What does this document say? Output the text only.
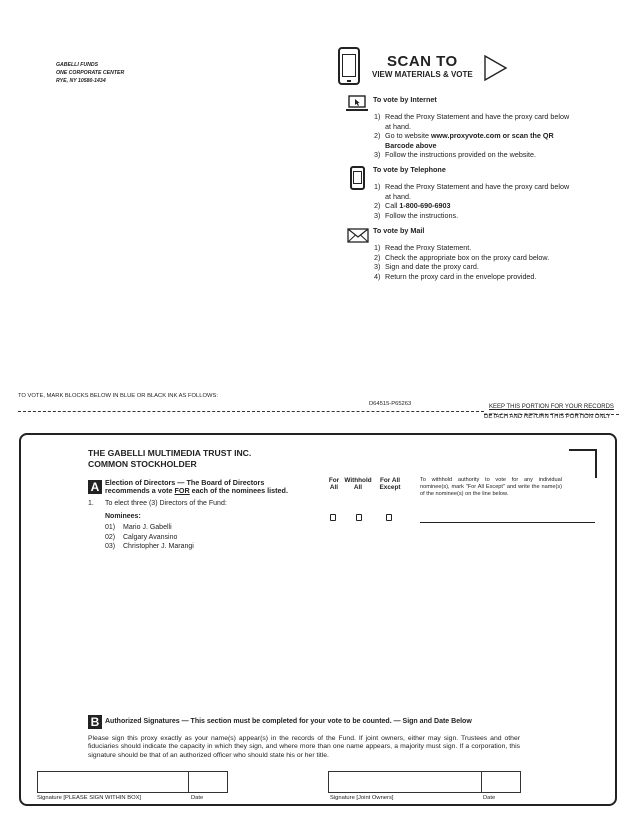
GABELLI FUNDS
ONE CORPORATE CENTER
RYE, NY 10580-1434
SCAN TO
VIEW MATERIALS & VOTE
To vote by Internet
1) Read the Proxy Statement and have the proxy card below at hand.
2) Go to website www.proxyvote.com or scan the QR Barcode above
3) Follow the instructions provided on the website.
To vote by Telephone
1) Read the Proxy Statement and have the proxy card below at hand.
2) Call 1-800-690-6903
3) Follow the instructions.
To vote by Mail
1) Read the Proxy Statement.
2) Check the appropriate box on the proxy card below.
3) Sign and date the proxy card.
4) Return the proxy card in the envelope provided.
TO VOTE, MARK BLOCKS BELOW IN BLUE OR BLACK INK AS FOLLOWS:
D64515-P65263	KEEP THIS PORTION FOR YOUR RECORDS
DETACH AND RETURN THIS PORTION ONLY
THE GABELLI MULTIMEDIA TRUST INC.
COMMON STOCKHOLDER
A Election of Directors — The Board of Directors
recommends a vote FOR each of the nominees listed.
For All
Withhold All
For All Except
To withhold authority to vote for any individual nominee(s), mark "For All Except" and write the name(s) of the nominee(s) on the line below.
1. To elect three (3) Directors of the Fund:
Nominees:
01) Mario J. Gabelli
02) Calgary Avansino
03) Christopher J. Marangi
B Authorized Signatures — This section must be completed for your vote to be counted. — Sign and Date Below
Please sign this proxy exactly as your name(s) appear(s) in the records of the Fund. If joint owners, either may sign. Trustees and other fiduciaries should indicate the capacity in which they sign, and where more than one name appears, a majority must sign. If a corporation, this signature should be that of an authorized officer who should state his or her title.
Signature [PLEASE SIGN WITHIN BOX]	Date	Signature [Joint Owners]	Date
